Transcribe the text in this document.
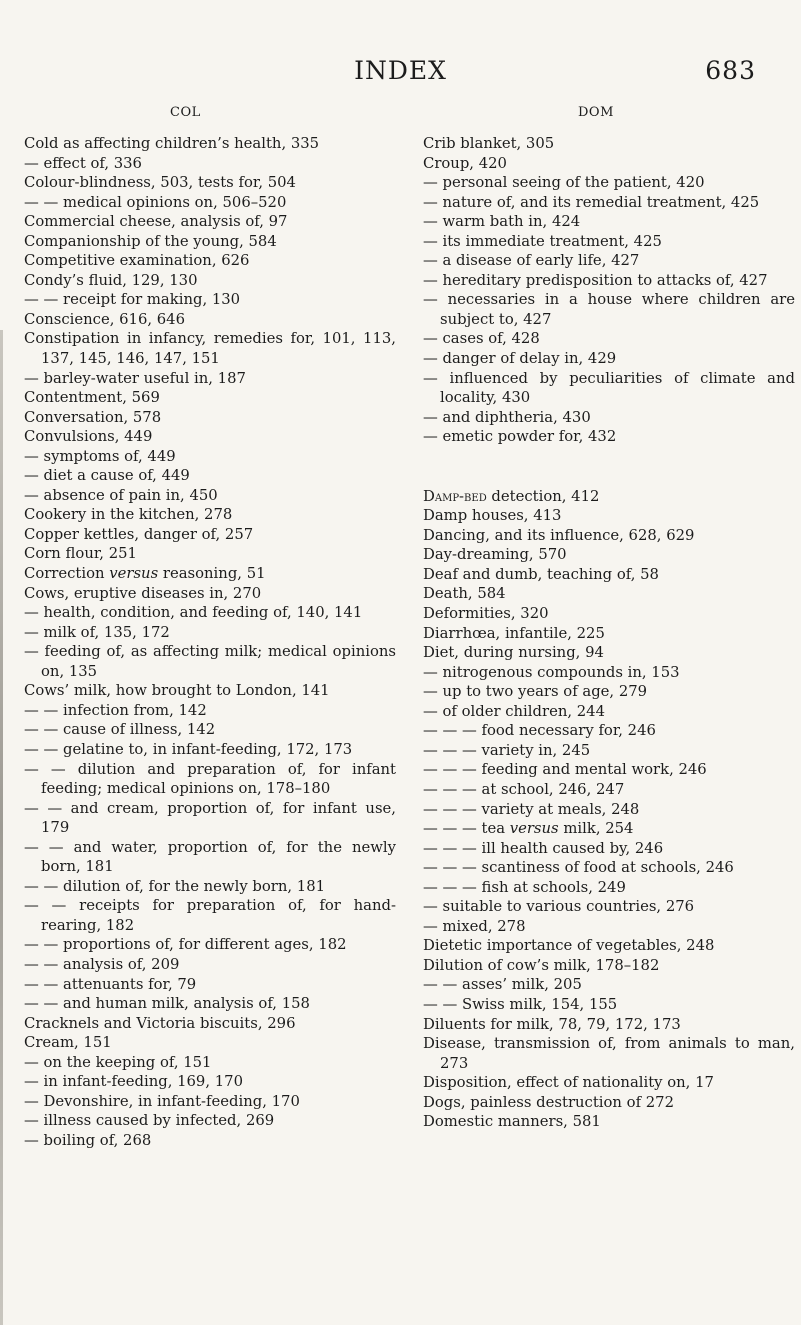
INDEX	683
COL	DOM

Cold as affecting children’s health, 335

— effect of, 336

Colour-blindness, 503, tests for, 504

— — medical opinions on, 506–520

Commercial cheese, analysis of, 97

Companionship of the young, 584

Competitive examination, 626

Condy’s fluid, 129, 130

— — receipt for making, 130

Conscience, 616, 646

Constipation in infancy, remedies for, 101, 113, 137, 145, 146, 147, 151

— barley-water useful in, 187

Contentment, 569

Conversation, 578

Convulsions, 449

— symptoms of, 449

— diet a cause of, 449

— absence of pain in, 450

Cookery in the kitchen, 278

Copper kettles, danger of, 257

Corn flour, 251

Correction versus reasoning, 51

Cows, eruptive diseases in, 270

— health, condition, and feeding of, 140, 141

— milk of, 135, 172

— feeding of, as affecting milk; medical opinions on, 135

Cows’ milk, how brought to London, 141

— — infection from, 142

— — cause of illness, 142

— — gelatine to, in infant-feeding, 172, 173

— — dilution and preparation of, for infant feeding; medical opinions on, 178–180

— — and cream, proportion of, for infant use, 179

— — and water, proportion of, for the newly born, 181

— — dilution of, for the newly born, 181

— — receipts for preparation of, for hand-rearing, 182

— — proportions of, for different ages, 182

— — analysis of, 209

— — attenuants for, 79

— — and human milk, analysis of, 158

Cracknels and Victoria biscuits, 296

Cream, 151

— on the keeping of, 151

— in infant-feeding, 169, 170

— Devonshire, in infant-feeding, 170

— illness caused by infected, 269

— boiling of, 268

Crib blanket, 305

Croup, 420

— personal seeing of the patient, 420

— nature of, and its remedial treatment, 425

— warm bath in, 424

— its immediate treatment, 425

— a disease of early life, 427

— hereditary predisposition to attacks of, 427

— necessaries in a house where children are subject to, 427

— cases of, 428

— danger of delay in, 429

— influenced by peculiarities of climate and locality, 430

— and diphtheria, 430

— emetic powder for, 432

Damp-bed detection, 412

Damp houses, 413

Dancing, and its influence, 628, 629

Day-dreaming, 570

Deaf and dumb, teaching of, 58

Death, 584

Deformities, 320

Diarrhœa, infantile, 225

Diet, during nursing, 94

— nitrogenous compounds in, 153

— up to two years of age, 279

— of older children, 244

— — — food necessary for, 246

— — — variety in, 245

— — — feeding and mental work, 246

— — — at school, 246, 247

— — — variety at meals, 248

— — — tea versus milk, 254

— — — ill health caused by, 246

— — — scantiness of food at schools, 246

— — — fish at schools, 249

— suitable to various countries, 276

— mixed, 278

Dietetic importance of vegetables, 248

Dilution of cow’s milk, 178–182

— — asses’ milk, 205

— — Swiss milk, 154, 155

Diluents for milk, 78, 79, 172, 173

Disease, transmission of, from animals to man, 273

Disposition, effect of nationality on, 17

Dogs, painless destruction of 272

Domestic manners, 581
